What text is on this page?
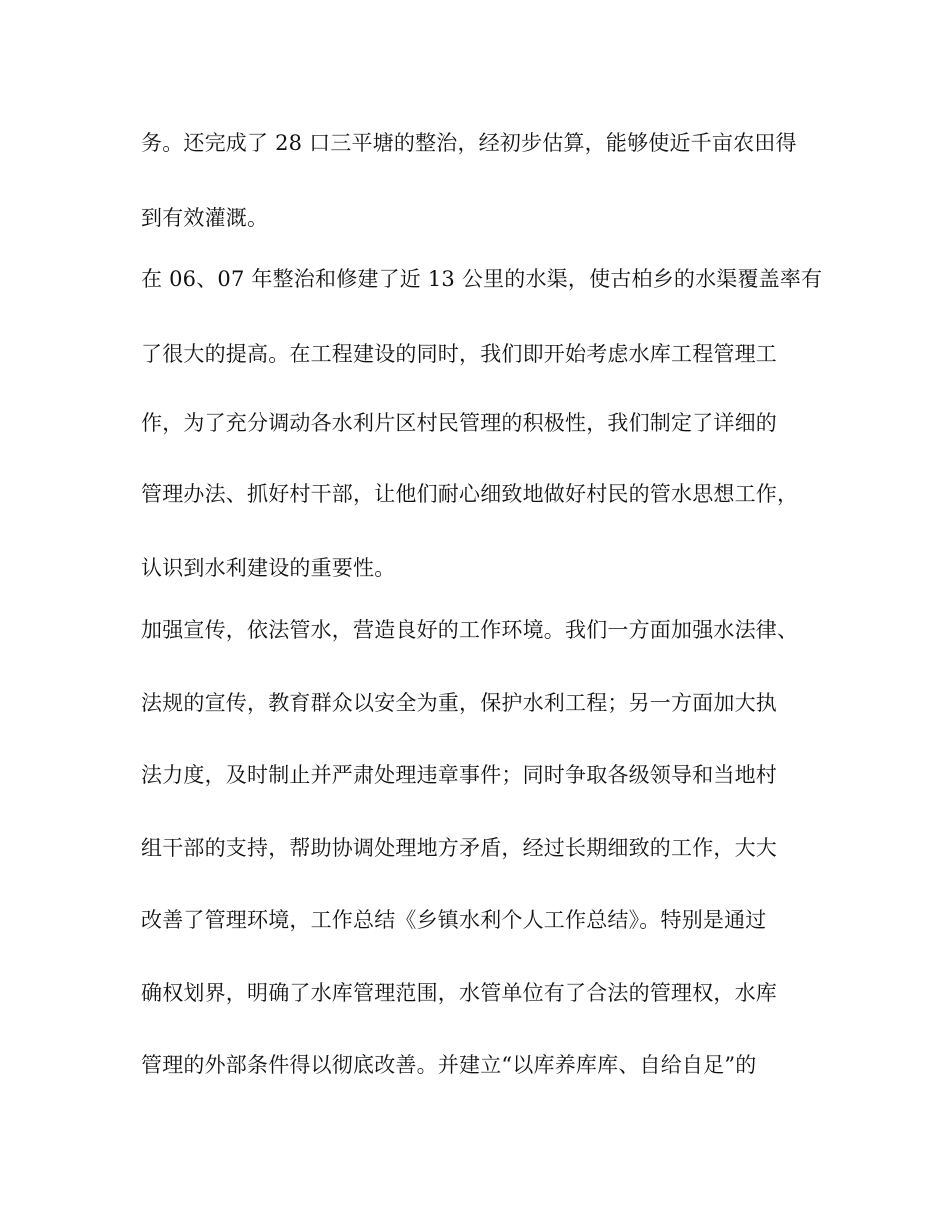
务。还完成了 28 口三平塘的整治，经初步估算，能够使近千亩农田得
到有效灌溉。
在 06、07 年整治和修建了近 13 公里的水渠，使古柏乡的水渠覆盖率有
了很大的提高。在工程建设的同时，我们即开始考虑水库工程管理工
作，为了充分调动各水利片区村民管理的积极性，我们制定了详细的
管理办法、抓好村干部，让他们耐心细致地做好村民的管水思想工作，
认识到水利建设的重要性。
加强宣传，依法管水，营造良好的工作环境。我们一方面加强水法律、
法规的宣传，教育群众以安全为重，保护水利工程；另一方面加大执
法力度，及时制止并严肃处理违章事件；同时争取各级领导和当地村
组干部的支持，帮助协调处理地方矛盾，经过长期细致的工作，大大
改善了管理环境，工作总结《乡镇水利个人工作总结》。特别是通过
确权划界，明确了水库管理范围，水管单位有了合法的管理权，水库
管理的外部条件得以彻底改善。并建立“以库养库库、自给自足”的
